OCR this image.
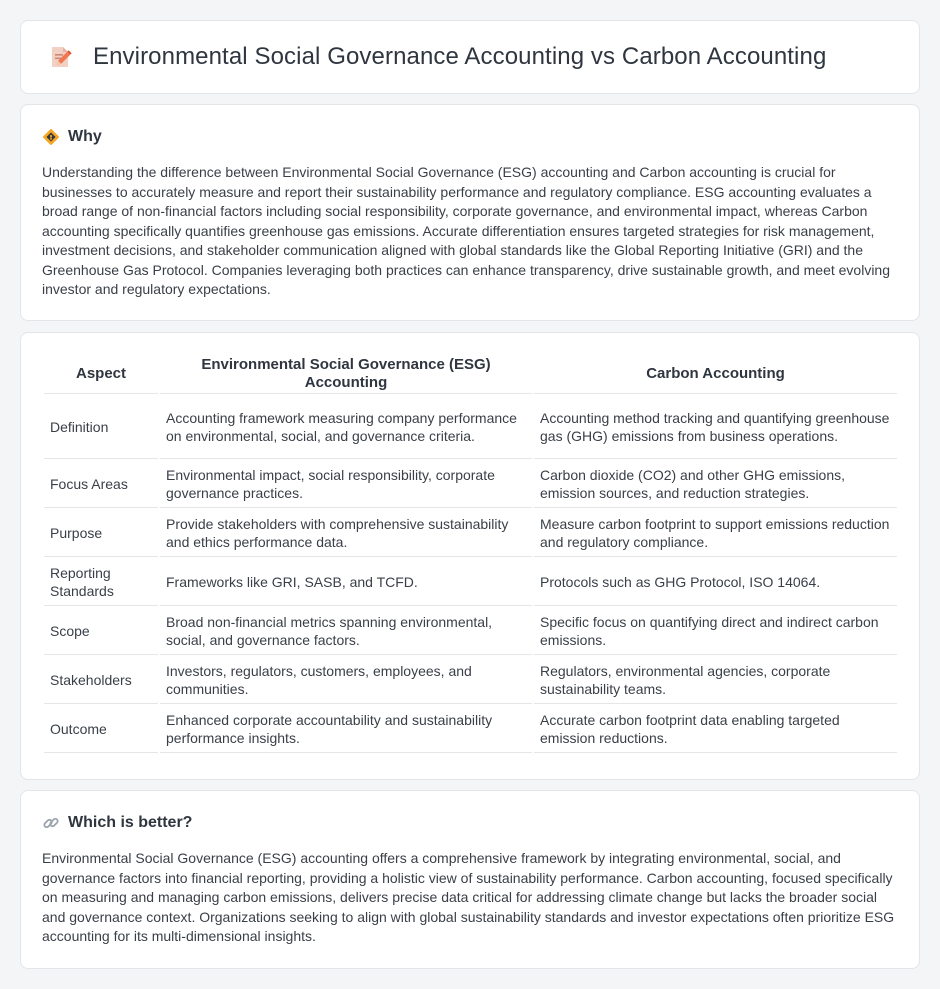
Environmental Social Governance Accounting vs Carbon Accounting
Why

Understanding the difference between Environmental Social Governance (ESG) accounting and Carbon accounting is crucial for businesses to accurately measure and report their sustainability performance and regulatory compliance. ESG accounting evaluates a broad range of non-financial factors including social responsibility, corporate governance, and environmental impact, whereas Carbon accounting specifically quantifies greenhouse gas emissions. Accurate differentiation ensures targeted strategies for risk management, investment decisions, and stakeholder communication aligned with global standards like the Global Reporting Initiative (GRI) and the Greenhouse Gas Protocol. Companies leveraging both practices can enhance transparency, drive sustainable growth, and meet evolving investor and regulatory expectations.

Aspect	Environmental Social Governance (ESG) Accounting	Carbon Accounting
Definition	Accounting framework measuring company performance on environmental, social, and governance criteria.	Accounting method tracking and quantifying greenhouse gas (GHG) emissions from business operations.
Focus Areas	Environmental impact, social responsibility, corporate governance practices.	Carbon dioxide (CO2) and other GHG emissions, emission sources, and reduction strategies.
Purpose	Provide stakeholders with comprehensive sustainability and ethics performance data.	Measure carbon footprint to support emissions reduction and regulatory compliance.
Reporting Standards	Frameworks like GRI, SASB, and TCFD.	Protocols such as GHG Protocol, ISO 14064.
Scope	Broad non-financial metrics spanning environmental, social, and governance factors.	Specific focus on quantifying direct and indirect carbon emissions.
Stakeholders	Investors, regulators, customers, employees, and communities.	Regulators, environmental agencies, corporate sustainability teams.
Outcome	Enhanced corporate accountability and sustainability performance insights.	Accurate carbon footprint data enabling targeted emission reductions.
Which is better?

Environmental Social Governance (ESG) accounting offers a comprehensive framework by integrating environmental, social, and governance factors into financial reporting, providing a holistic view of sustainability performance. Carbon accounting, focused specifically on measuring and managing carbon emissions, delivers precise data critical for addressing climate change but lacks the broader social and governance context. Organizations seeking to align with global sustainability standards and investor expectations often prioritize ESG accounting for its multi-dimensional insights.
